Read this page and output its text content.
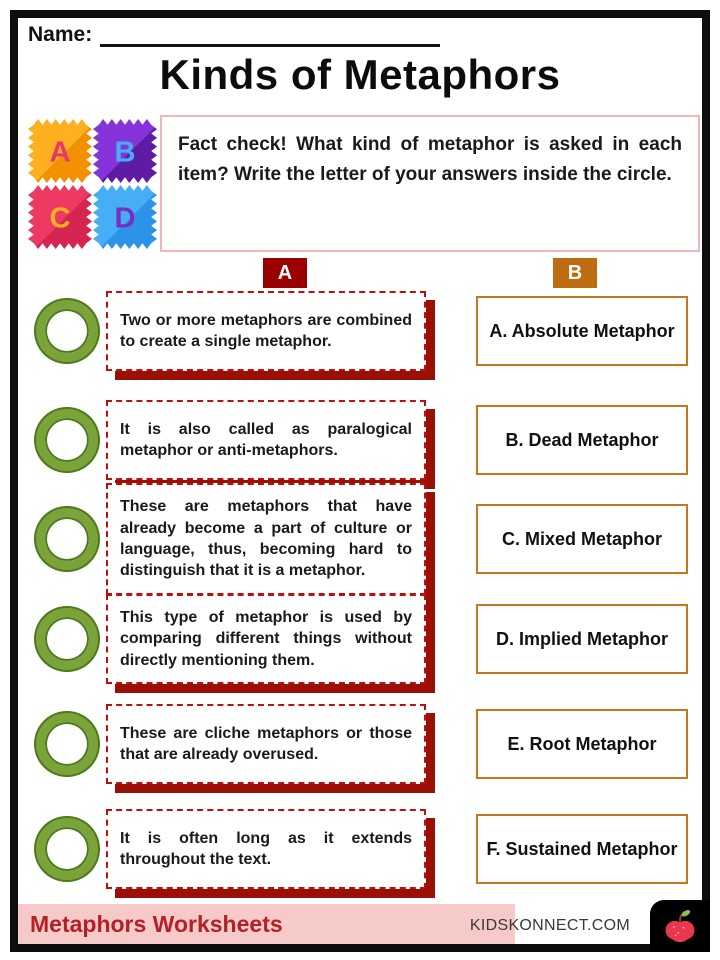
Name:
Kinds of Metaphors
A B
C D
Fact check! What kind of metaphor is asked in each item? Write the letter of your answers inside the circle.
A	B
Two or more metaphors are combined to create a single metaphor.
A. Absolute Metaphor
It is also called as paralogical metaphor or anti-metaphors.
B. Dead Metaphor
These are metaphors that have already become a part of culture or language, thus, becoming hard to distinguish that it is a metaphor.
C. Mixed Metaphor
This type of metaphor is used by comparing different things without directly mentioning them.
D. Implied Metaphor
These are cliche metaphors or those that are already overused.
E. Root Metaphor
It is often long as it extends throughout the text.
F. Sustained Metaphor
Metaphors Worksheets	KIDSKONNECT.COM
